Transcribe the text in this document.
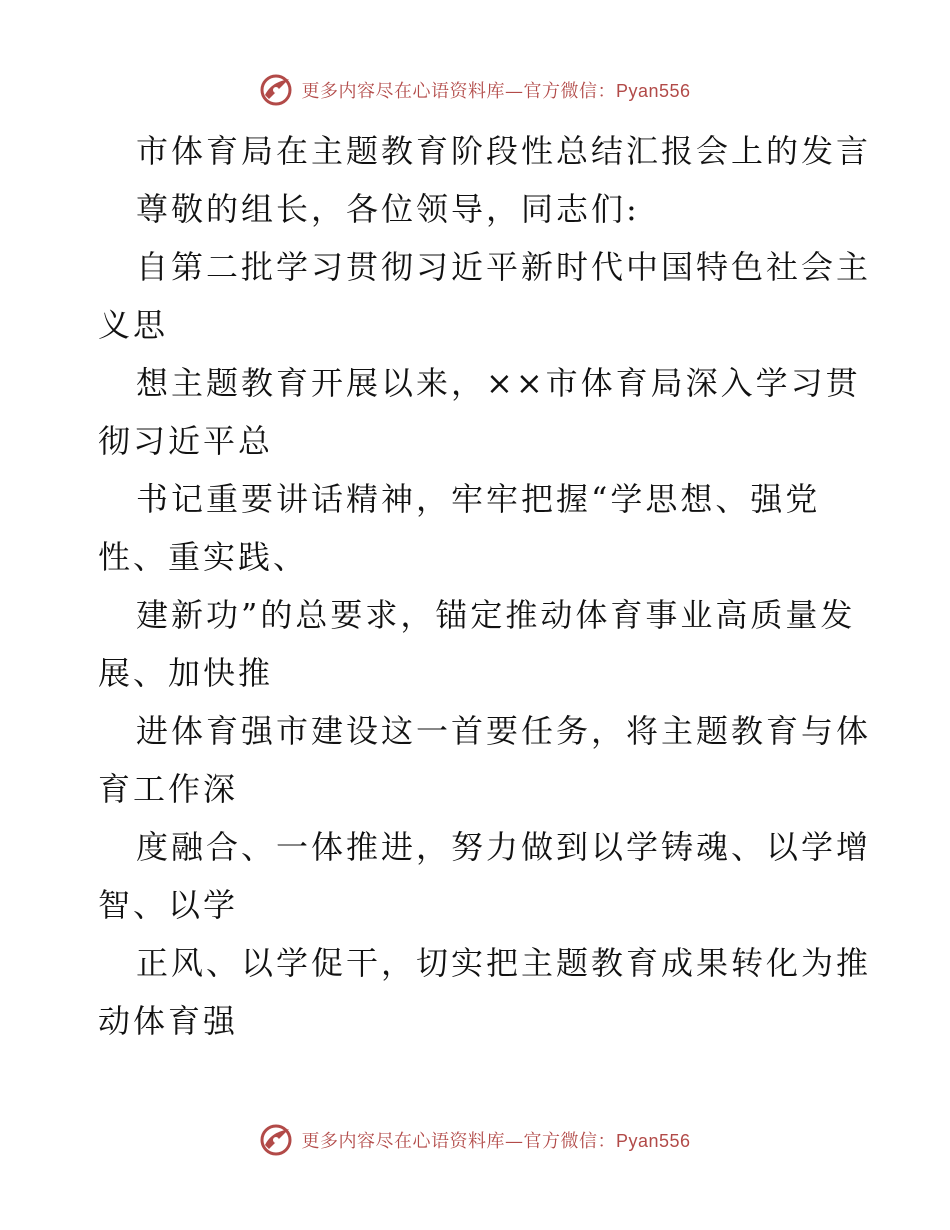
更多内容尽在心语资料库—官方微信：Pyan556
市体育局在主题教育阶段性总结汇报会上的发言
尊敬的组长，各位领导，同志们:
自第二批学习贯彻习近平新时代中国特色社会主
义思
想主题教育开展以来，××市体育局深入学习贯
彻习近平总
书记重要讲话精神，牢牢把握“学思想、强党
性、重实践、
建新功”的总要求，锚定推动体育事业高质量发
展、加快推
进体育强市建设这一首要任务，将主题教育与体
育工作深
度融合、一体推进，努力做到以学铸魂、以学增
智、以学
正风、以学促干，切实把主题教育成果转化为推
动体育强
更多内容尽在心语资料库—官方微信：Pyan556
